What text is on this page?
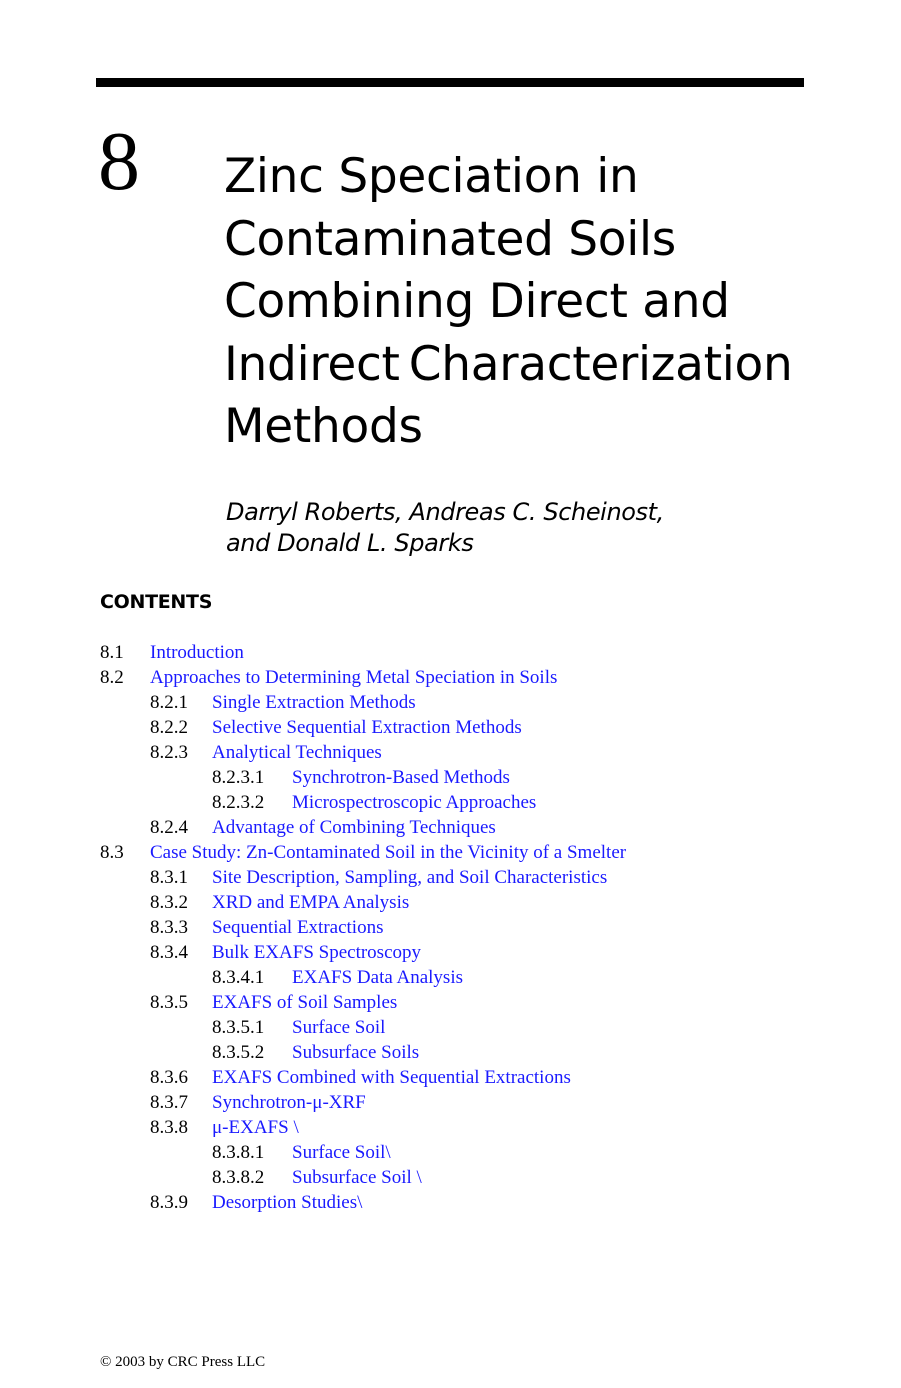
8 Zinc Speciation in
Contaminated Soils
Combining Direct and
Indirect Characterization
Methods
Darryl Roberts, Andreas C. Scheinost,
and Donald L. Sparks
CONTENTS
8.1 Introduction
8.2 Approaches to Determining Metal Speciation in Soils
8.2.1 Single Extraction Methods
8.2.2 Selective Sequential Extraction Methods
8.2.3 Analytical Techniques
8.2.3.1 Synchrotron-Based Methods
8.2.3.2 Microspectroscopic Approaches
8.2.4 Advantage of Combining Techniques
8.3 Case Study: Zn-Contaminated Soil in the Vicinity of a Smelter
8.3.1 Site Description, Sampling, and Soil Characteristics
8.3.2 XRD and EMPA Analysis
8.3.3 Sequential Extractions
8.3.4 Bulk EXAFS Spectroscopy
8.3.4.1 EXAFS Data Analysis
8.3.5 EXAFS of Soil Samples
8.3.5.1 Surface Soil
8.3.5.2 Subsurface Soils
8.3.6 EXAFS Combined with Sequential Extractions
8.3.7 Synchrotron-μ-XRF
8.3.8 μ-EXAFS \
8.3.8.1 Surface Soil\
8.3.8.2 Subsurface Soil \
8.3.9 Desorption Studies\
© 2003 by CRC Press LLC
